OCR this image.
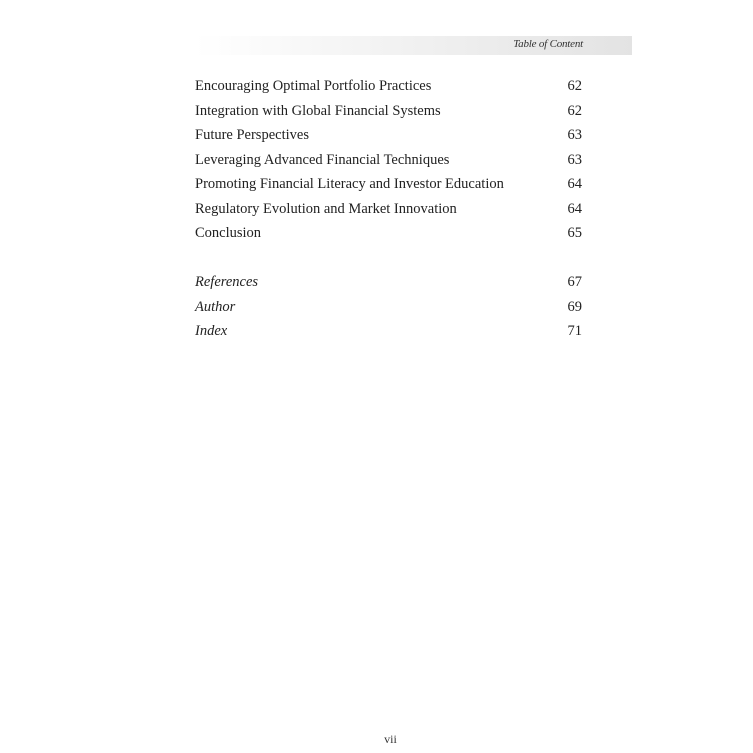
Table of Content
Encouraging Optimal Portfolio Practices	62
Integration with Global Financial Systems	62
Future Perspectives	63
Leveraging Advanced Financial Techniques	63
Promoting Financial Literacy and Investor Education	64
Regulatory Evolution and Market Innovation	64
Conclusion	65
References	67
Author	69
Index	71
vii
